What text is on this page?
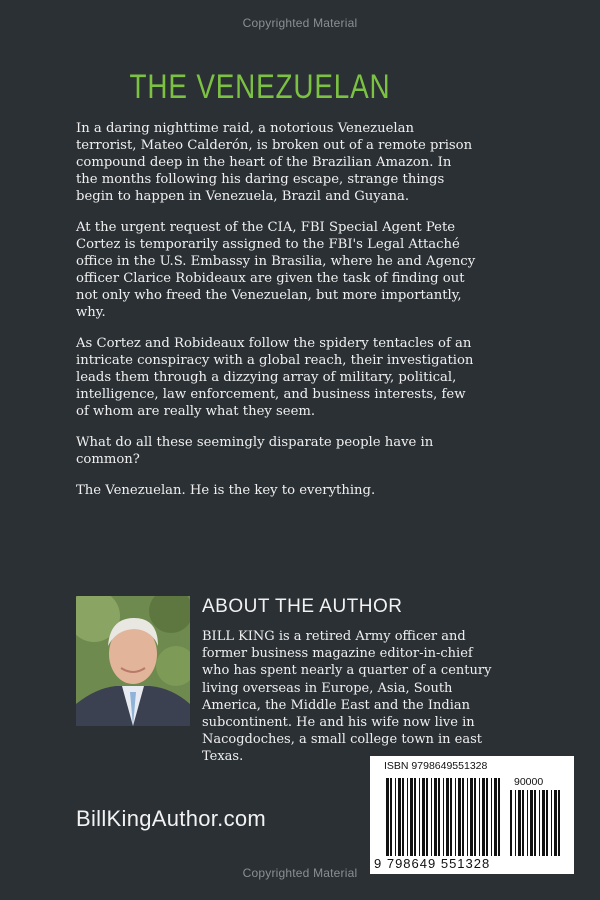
Copyrighted Material
THE VENEZUELAN

In a daring nighttime raid, a notorious Venezuelan terrorist, Mateo Calderón, is broken out of a remote prison compound deep in the heart of the Brazilian Amazon. In the months following his daring escape, strange things begin to happen in Venezuela, Brazil and Guyana.

At the urgent request of the CIA, FBI Special Agent Pete Cortez is temporarily assigned to the FBI's Legal Attaché office in the U.S. Embassy in Brasilia, where he and Agency officer Clarice Robideaux are given the task of finding out not only who freed the Venezuelan, but more importantly, why.

As Cortez and Robideaux follow the spidery tentacles of an intricate conspiracy with a global reach, their investigation leads them through a dizzying array of military, political, intelligence, law enforcement, and business interests, few of whom are really what they seem.

What do all these seemingly disparate people have in common?

The Venezuelan. He is the key to everything.

ABOUT THE AUTHOR
BILL KING is a retired Army officer and former business magazine editor-in-chief who has spent nearly a quarter of a century living overseas in Europe, Asia, South America, the Middle East and the Indian subcontinent. He and his wife now live in Nacogdoches, a small college town in east Texas.
BillKingAuthor.com
ISBN 9798649551328
90000
9 798649 551328
Copyrighted Material
